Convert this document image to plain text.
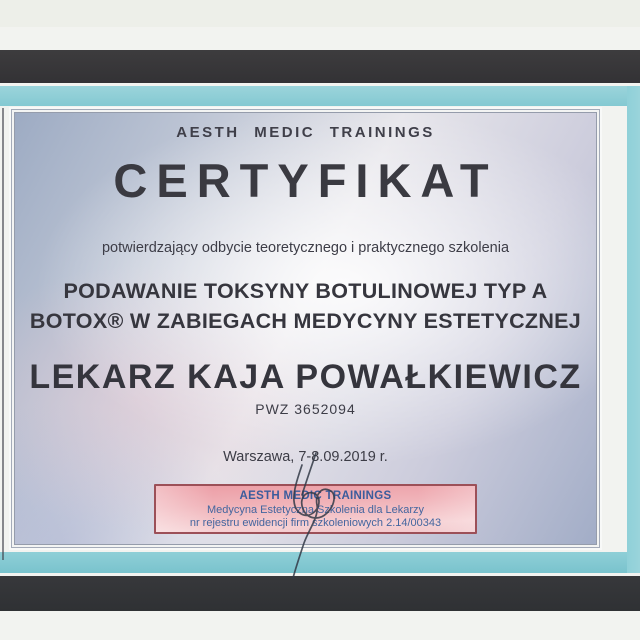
AESTH MEDIC TRAININGS
CERTYFIKAT
potwierdzający odbycie teoretycznego i praktycznego szkolenia
PODAWANIE TOKSYNY BOTULINOWEJ TYP A
BOTOX® W ZABIEGACH MEDYCYNY ESTETYCZNEJ
LEKARZ KAJA POWAŁKIEWICZ
PWZ 3652094
Warszawa, 7-8.09.2019 r.
AESTH MEDIC TRAININGS
Medycyna Estetyczna Szkolenia dla Lekarzy
nr rejestru ewidencji firm szkoleniowych 2.14/00343
